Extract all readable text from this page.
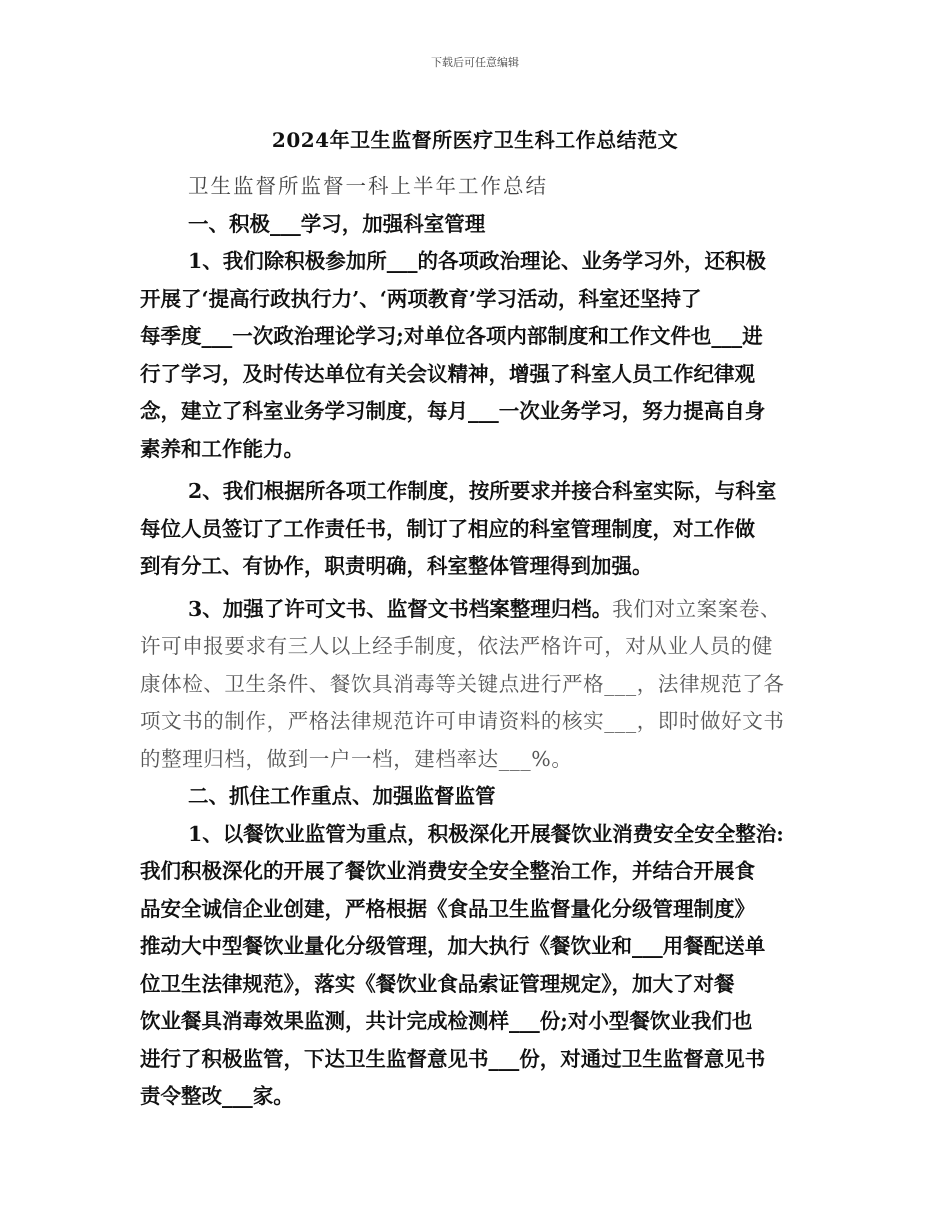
下载后可任意编辑
2024年卫生监督所医疗卫生科工作总结范文
卫生监督所监督一科上半年工作总结
一、积极___学习，加强科室管理
1、我们除积极参加所___的各项政治理论、业务学习外，还积极
开展了‘提高行政执行力’、‘两项教育’学习活动，科室还坚持了
每季度___一次政治理论学习;对单位各项内部制度和工作文件也___进
行了学习，及时传达单位有关会议精神，增强了科室人员工作纪律观
念，建立了科室业务学习制度，每月___一次业务学习，努力提高自身
素养和工作能力。
2、我们根据所各项工作制度，按所要求并接合科室实际，与科室
每位人员签订了工作责任书，制订了相应的科室管理制度，对工作做
到有分工、有协作，职责明确，科室整体管理得到加强。
3、加强了许可文书、监督文书档案整理归档。我们对立案案卷、
许可申报要求有三人以上经手制度，依法严格许可，对从业人员的健
康体检、卫生条件、餐饮具消毒等关键点进行严格___，法律规范了各
项文书的制作，严格法律规范许可申请资料的核实___，即时做好文书
的整理归档，做到一户一档，建档率达___%。
二、抓住工作重点、加强监督监管
1、以餐饮业监管为重点，积极深化开展餐饮业消费安全安全整治:
我们积极深化的开展了餐饮业消费安全安全整治工作，并结合开展食
品安全诚信企业创建，严格根据《食品卫生监督量化分级管理制度》
推动大中型餐饮业量化分级管理，加大执行《餐饮业和___用餐配送单
位卫生法律规范》，落实《餐饮业食品索证管理规定》，加大了对餐
饮业餐具消毒效果监测，共计完成检测样___份;对小型餐饮业我们也
进行了积极监管，下达卫生监督意见书___份，对通过卫生监督意见书
责令整改___家。
